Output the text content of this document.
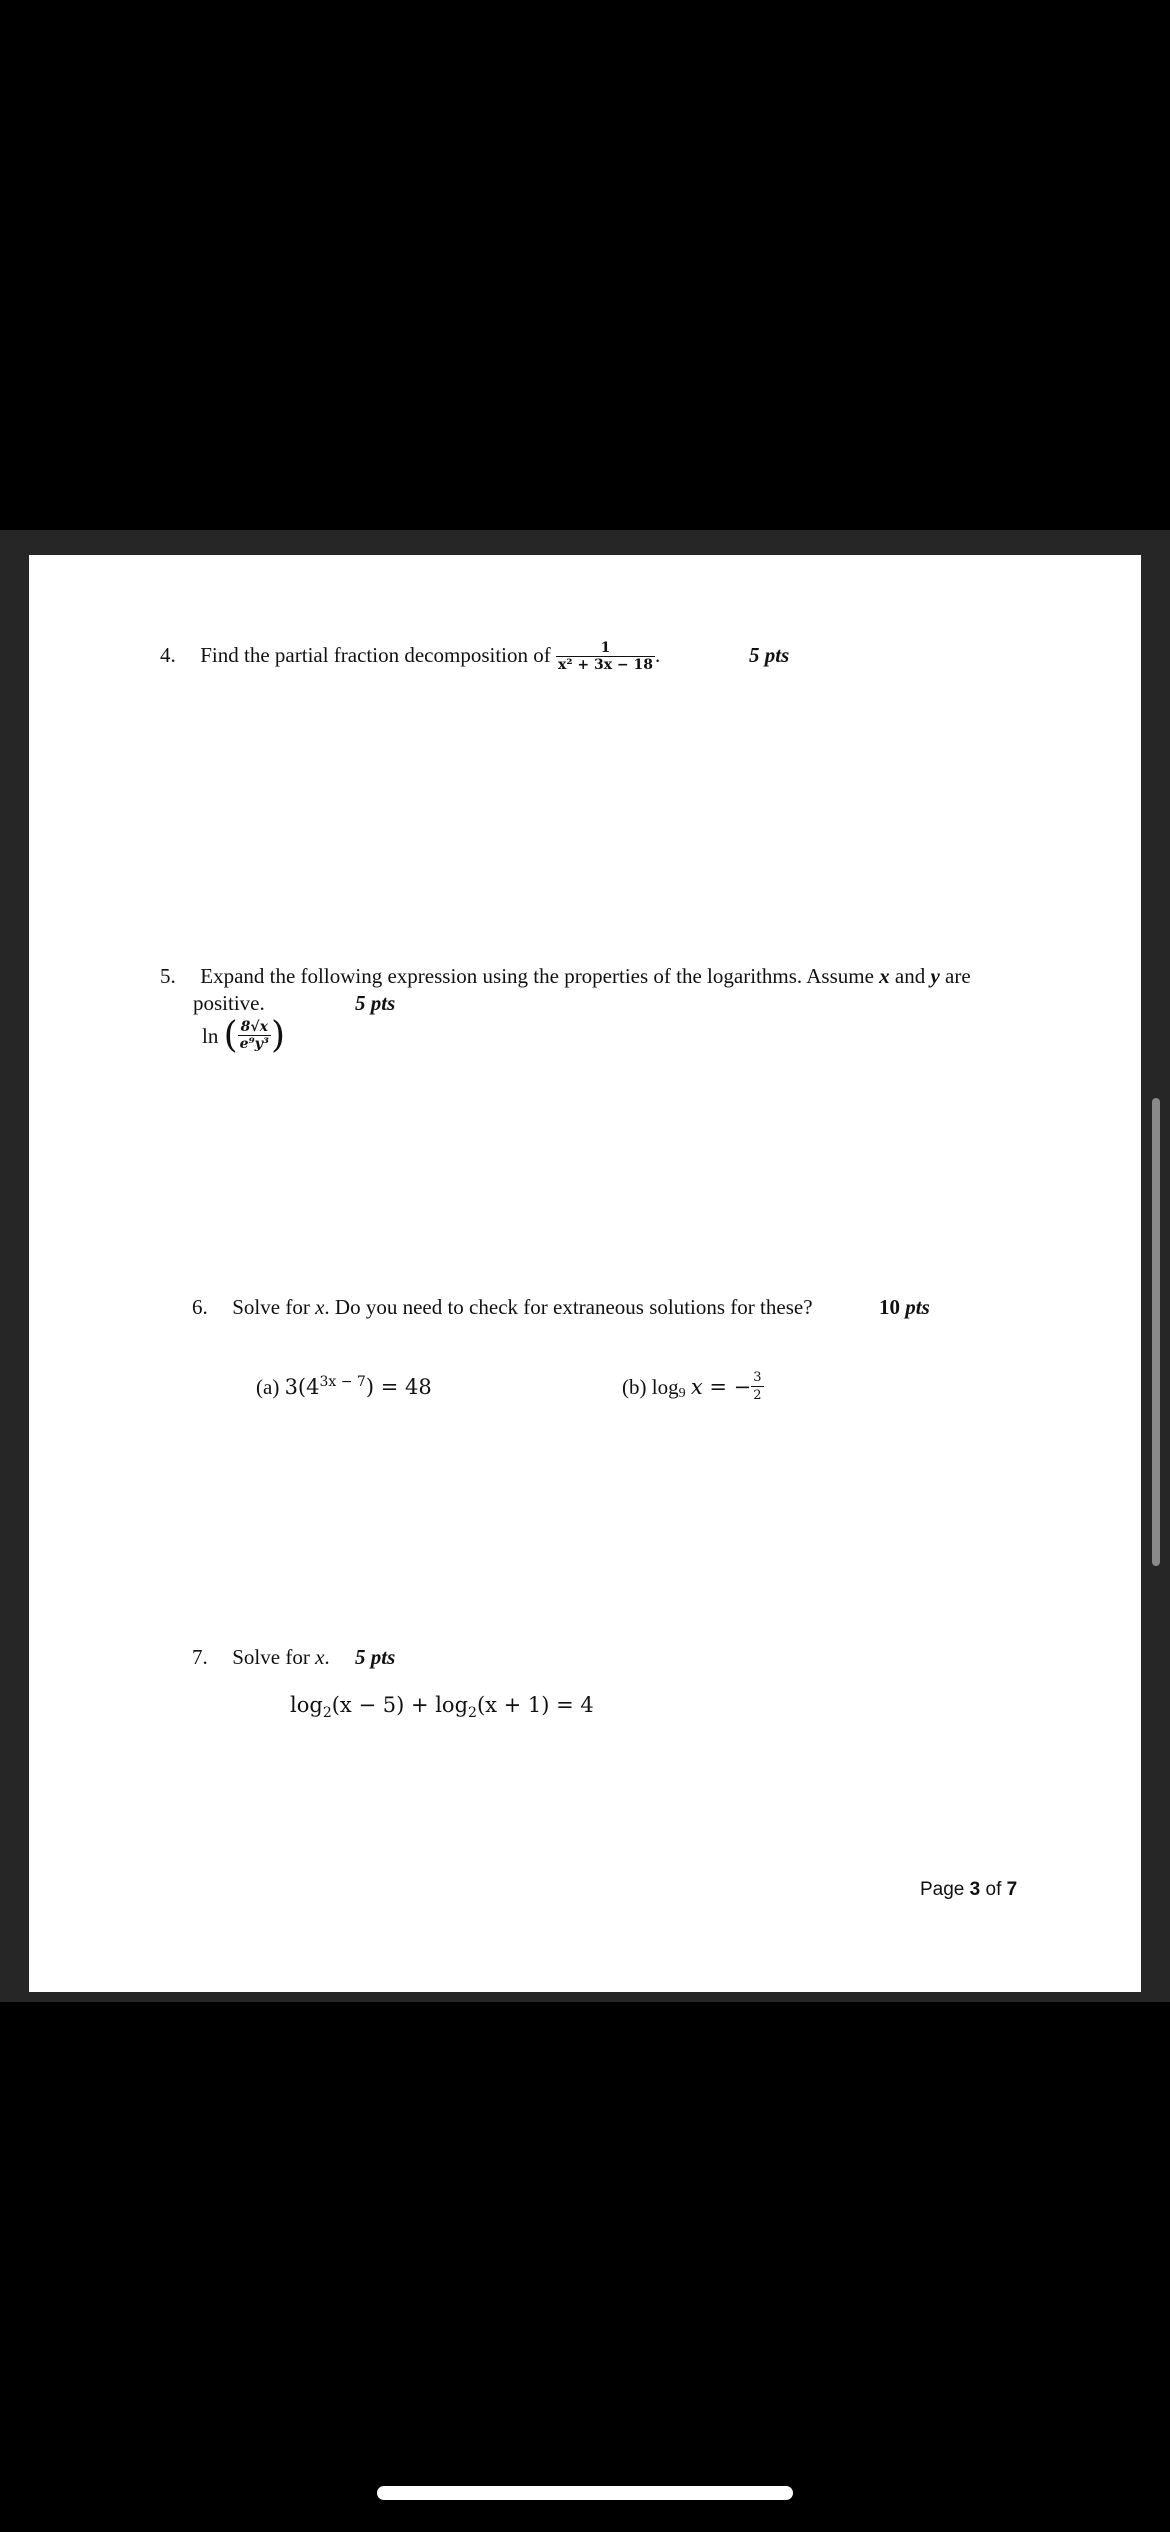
4. Find the partial fraction decomposition of $\frac{1}{\text{x² + 3x − 18}}$ .	5 pts
5. Expand the following expression using the properties of the logarithms. Assume x and y are
positive.	5 pts
ln ( $\frac{8√x}{\text{e⁹y³}}$ )
6. Solve for x. Do you need to check for extraneous solutions for these?	10 pts
(a) $3(4^{3x - 7}) = 48$	(b) $\log_9 x$ = − $\frac{3}{2}$
7. Solve for x. 5 pts
$\log_2(x - 5) + \log_2(x + 1) = 4$
Page 3 of 7
